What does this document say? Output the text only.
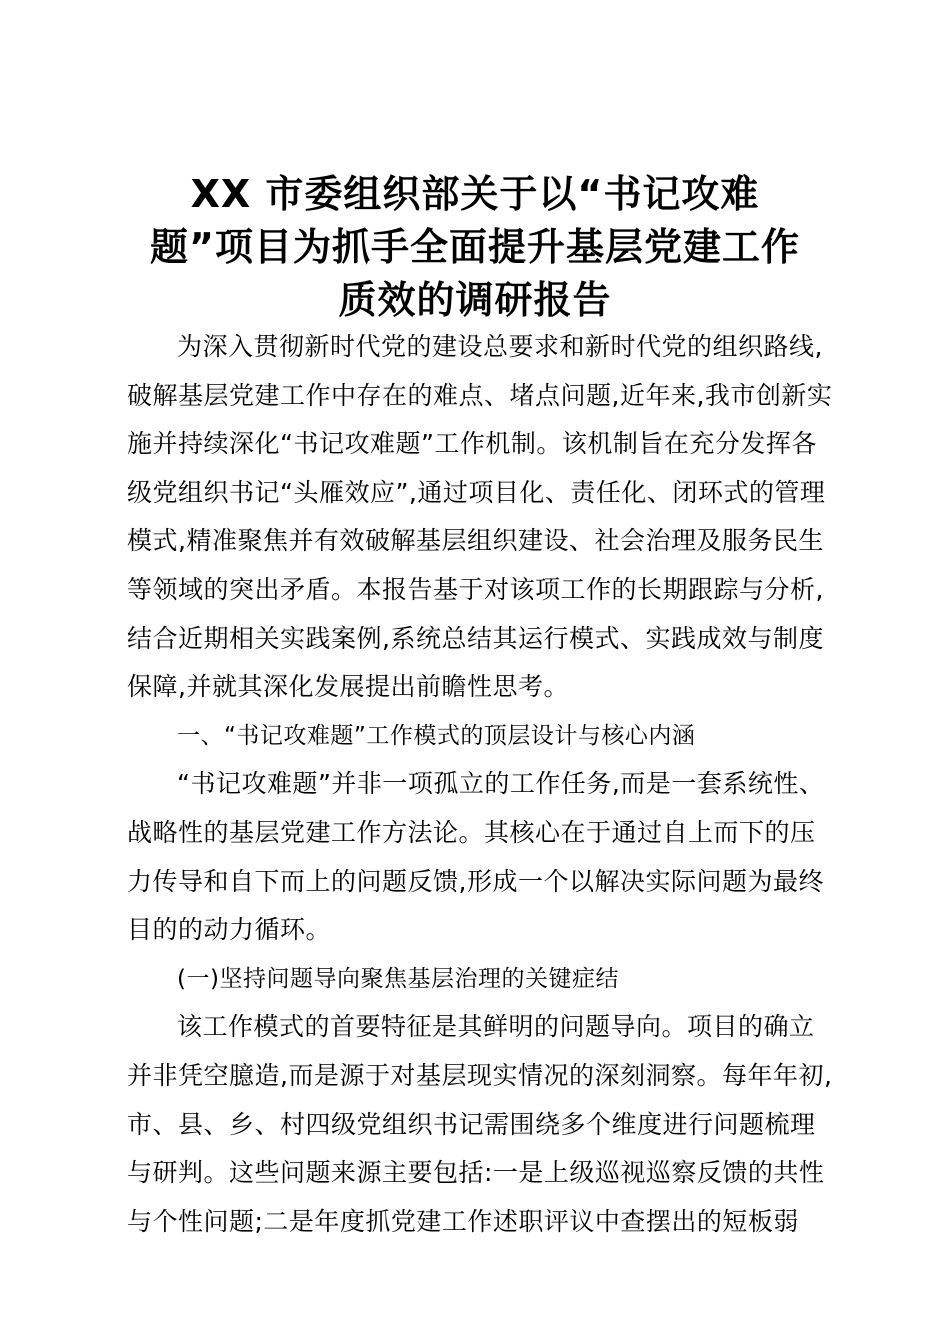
XX 市委组织部关于以“书记攻难
题”项目为抓手全面提升基层党建工作
质效的调研报告
为深入贯彻新时代党的建设总要求和新时代党的组织路线,
破解基层党建工作中存在的难点、堵点问题,近年来,我市创新实
施并持续深化“书记攻难题”工作机制。该机制旨在充分发挥各
级党组织书记“头雁效应”,通过项目化、责任化、闭环式的管理
模式,精准聚焦并有效破解基层组织建设、社会治理及服务民生
等领域的突出矛盾。本报告基于对该项工作的长期跟踪与分析,
结合近期相关实践案例,系统总结其运行模式、实践成效与制度
保障,并就其深化发展提出前瞻性思考。
一、“书记攻难题”工作模式的顶层设计与核心内涵
“书记攻难题”并非一项孤立的工作任务,而是一套系统性、
战略性的基层党建工作方法论。其核心在于通过自上而下的压
力传导和自下而上的问题反馈,形成一个以解决实际问题为最终
目的的动力循环。
(一)坚持问题导向聚焦基层治理的关键症结
该工作模式的首要特征是其鲜明的问题导向。项目的确立
并非凭空臆造,而是源于对基层现实情况的深刻洞察。每年年初,
市、县、乡、村四级党组织书记需围绕多个维度进行问题梳理
与研判。这些问题来源主要包括:一是上级巡视巡察反馈的共性
与个性问题;二是年度抓党建工作述职评议中查摆出的短板弱
